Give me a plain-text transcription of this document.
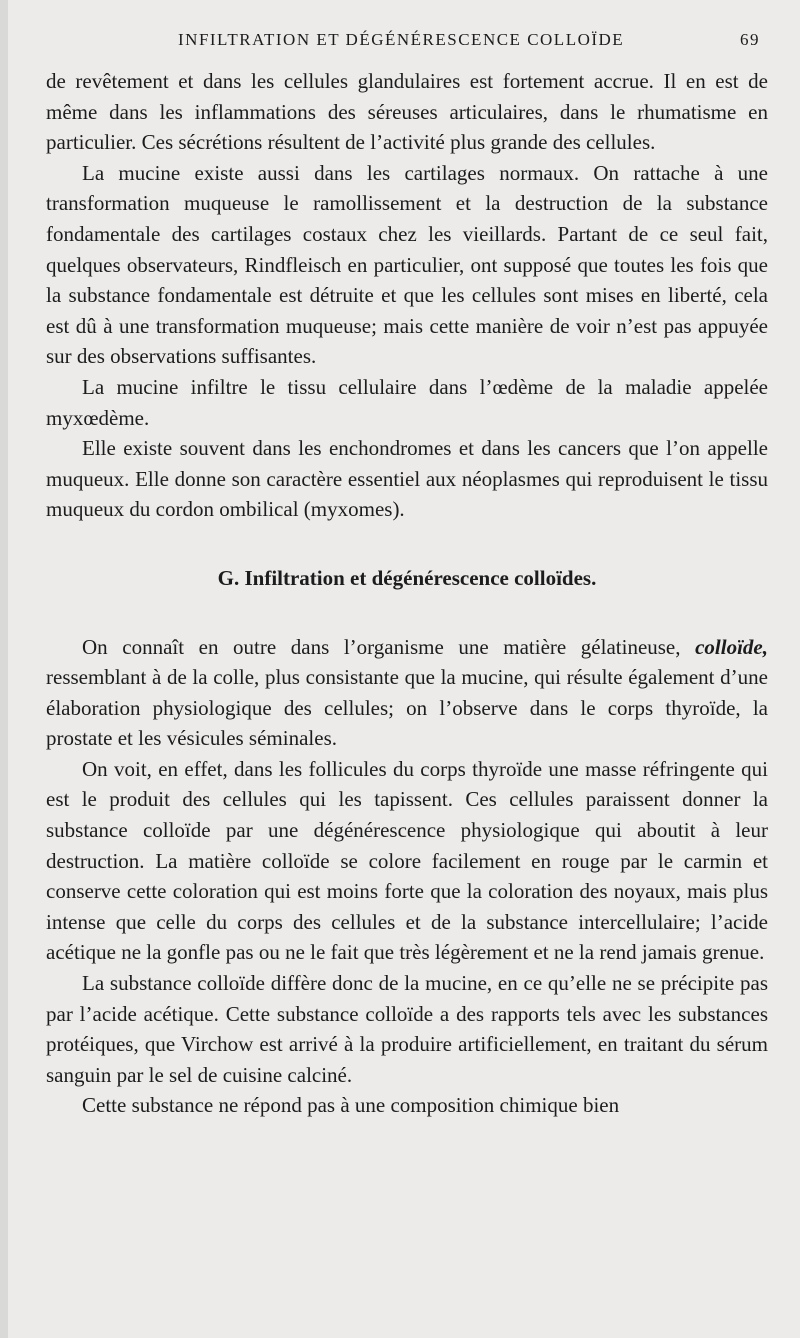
INFILTRATION ET DÉGÉNÉRESCENCE COLLOÏDE	69

de revêtement et dans les cellules glandulaires est fortement accrue. Il en est de même dans les inflammations des séreuses articulaires, dans le rhumatisme en particulier. Ces sécrétions résultent de l’activité plus grande des cellules.

La mucine existe aussi dans les cartilages normaux. On rattache à une transformation muqueuse le ramollissement et la destruction de la substance fondamentale des cartilages costaux chez les vieillards. Partant de ce seul fait, quelques observateurs, Rindfleisch en particulier, ont supposé que toutes les fois que la substance fondamentale est détruite et que les cellules sont mises en liberté, cela est dû à une transformation muqueuse; mais cette manière de voir n’est pas appuyée sur des observations suffisantes.

La mucine infiltre le tissu cellulaire dans l’œdème de la maladie appelée myxœdème.

Elle existe souvent dans les enchondromes et dans les cancers que l’on appelle muqueux. Elle donne son caractère essentiel aux néoplasmes qui reproduisent le tissu muqueux du cordon ombilical (myxomes).

G. Infiltration et dégénérescence colloïdes.

On connaît en outre dans l’organisme une matière gélatineuse, colloïde, ressemblant à de la colle, plus consistante que la mucine, qui résulte également d’une élaboration physiologique des cellules; on l’observe dans le corps thyroïde, la prostate et les vésicules séminales.

On voit, en effet, dans les follicules du corps thyroïde une masse réfringente qui est le produit des cellules qui les tapissent. Ces cellules paraissent donner la substance colloïde par une dégénérescence physiologique qui aboutit à leur destruction. La matière colloïde se colore facilement en rouge par le carmin et conserve cette coloration qui est moins forte que la coloration des noyaux, mais plus intense que celle du corps des cellules et de la substance intercellulaire; l’acide acétique ne la gonfle pas ou ne le fait que très légèrement et ne la rend jamais grenue.

La substance colloïde diffère donc de la mucine, en ce qu’elle ne se précipite pas par l’acide acétique. Cette substance colloïde a des rapports tels avec les substances protéiques, que Virchow est arrivé à la produire artificiellement, en traitant du sérum sanguin par le sel de cuisine calciné.

Cette substance ne répond pas à une composition chimique bien
